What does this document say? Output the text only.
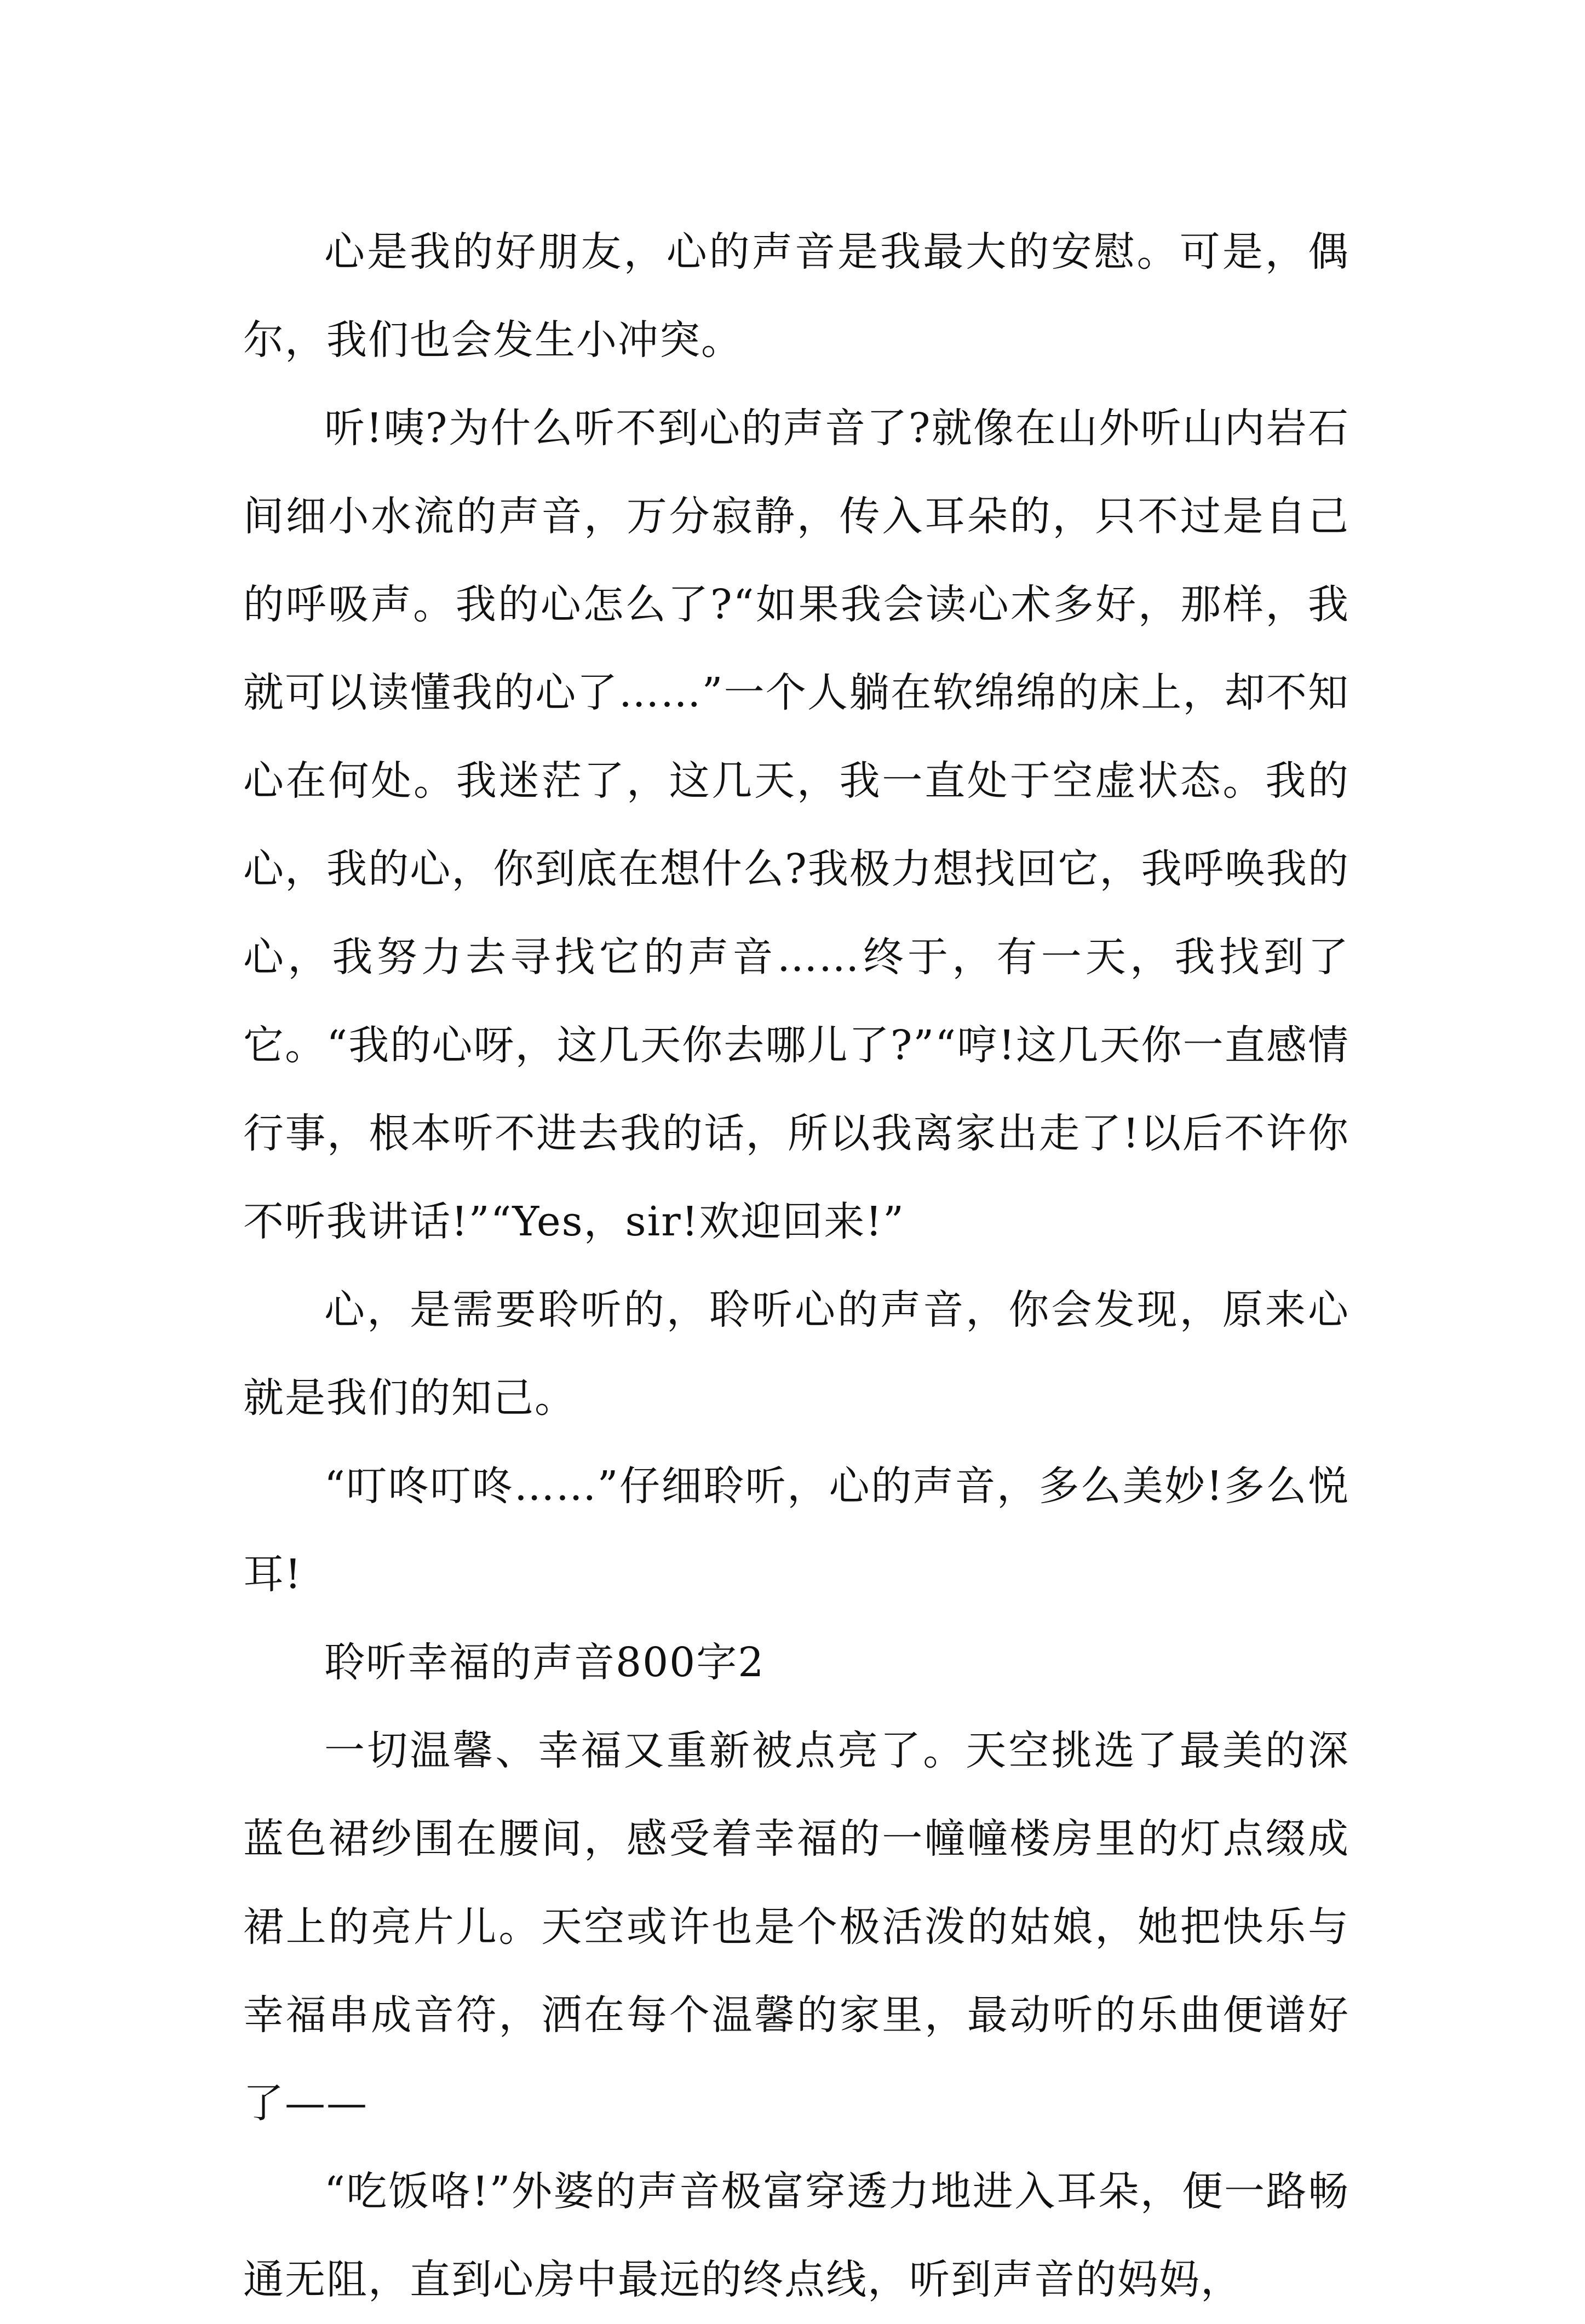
心是我的好朋友，心的声音是我最大的安慰。可是，偶尔，我们也会发生小冲突。

听!咦?为什么听不到心的声音了?就像在山外听山内岩石间细小水流的声音，万分寂静，传入耳朵的，只不过是自己的呼吸声。我的心怎么了?“如果我会读心术多好，那样，我就可以读懂我的心了……”一个人躺在软绵绵的床上，却不知心在何处。我迷茫了，这几天，我一直处于空虚状态。我的心，我的心，你到底在想什么?我极力想找回它，我呼唤我的心，我努力去寻找它的声音……终于，有一天，我找到了它。“我的心呀，这几天你去哪儿了?”“哼!这几天你一直感情行事，根本听不进去我的话，所以我离家出走了!以后不许你不听我讲话!”“Yes，sir!欢迎回来!”

心，是需要聆听的，聆听心的声音，你会发现，原来心就是我们的知己。

“叮咚叮咚……”仔细聆听，心的声音，多么美妙!多么悦耳!

聆听幸福的声音800字2

一切温馨、幸福又重新被点亮了。天空挑选了最美的深蓝色裙纱围在腰间，感受着幸福的一幢幢楼房里的灯点缀成裙上的亮片儿。天空或许也是个极活泼的姑娘，她把快乐与幸福串成音符，洒在每个温馨的家里，最动听的乐曲便谱好了——

“吃饭咯!”外婆的声音极富穿透力地进入耳朵，便一路畅通无阻，直到心房中最远的终点线，听到声音的妈妈，
